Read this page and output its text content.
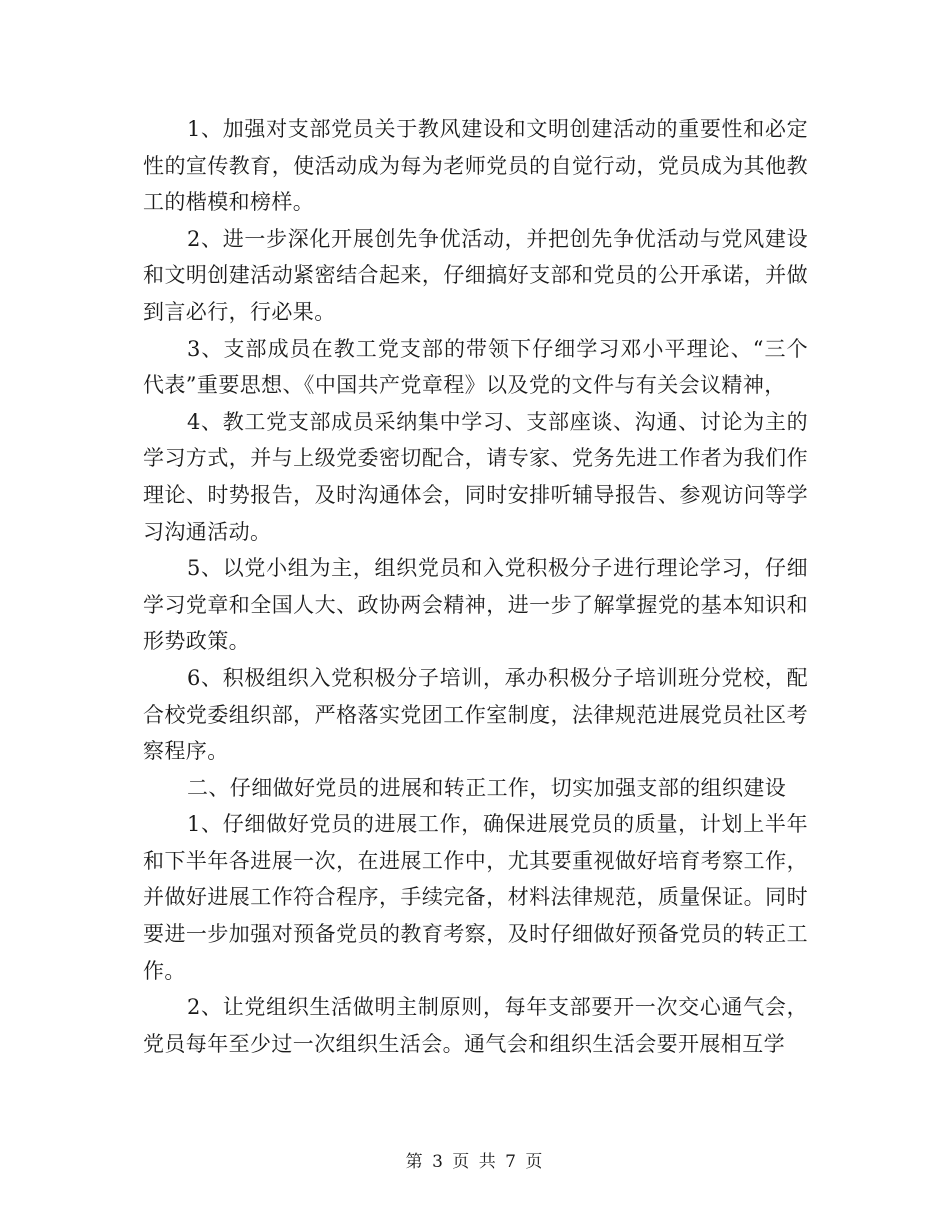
1、加强对支部党员关于教风建设和文明创建活动的重要性和必定性的宣传教育，使活动成为每为老师党员的自觉行动，党员成为其他教工的楷模和榜样。

2、进一步深化开展创先争优活动，并把创先争优活动与党风建设和文明创建活动紧密结合起来，仔细搞好支部和党员的公开承诺，并做到言必行，行必果。

3、支部成员在教工党支部的带领下仔细学习邓小平理论、“三个代表”重要思想、《中国共产党章程》以及党的文件与有关会议精神，

4、教工党支部成员采纳集中学习、支部座谈、沟通、讨论为主的学习方式，并与上级党委密切配合，请专家、党务先进工作者为我们作理论、时势报告，及时沟通体会，同时安排听辅导报告、参观访问等学习沟通活动。

5、以党小组为主，组织党员和入党积极分子进行理论学习，仔细学习党章和全国人大、政协两会精神，进一步了解掌握党的基本知识和形势政策。

6、积极组织入党积极分子培训，承办积极分子培训班分党校，配合校党委组织部，严格落实党团工作室制度，法律规范进展党员社区考察程序。

二、仔细做好党员的进展和转正工作，切实加强支部的组织建设

1、仔细做好党员的进展工作，确保进展党员的质量，计划上半年和下半年各进展一次，在进展工作中，尤其要重视做好培育考察工作，并做好进展工作符合程序，手续完备，材料法律规范，质量保证。同时要进一步加强对预备党员的教育考察，及时仔细做好预备党员的转正工作。

2、让党组织生活做明主制原则，每年支部要开一次交心通气会，党员每年至少过一次组织生活会。通气会和组织生活会要开展相互学

第 3 页 共 7 页
